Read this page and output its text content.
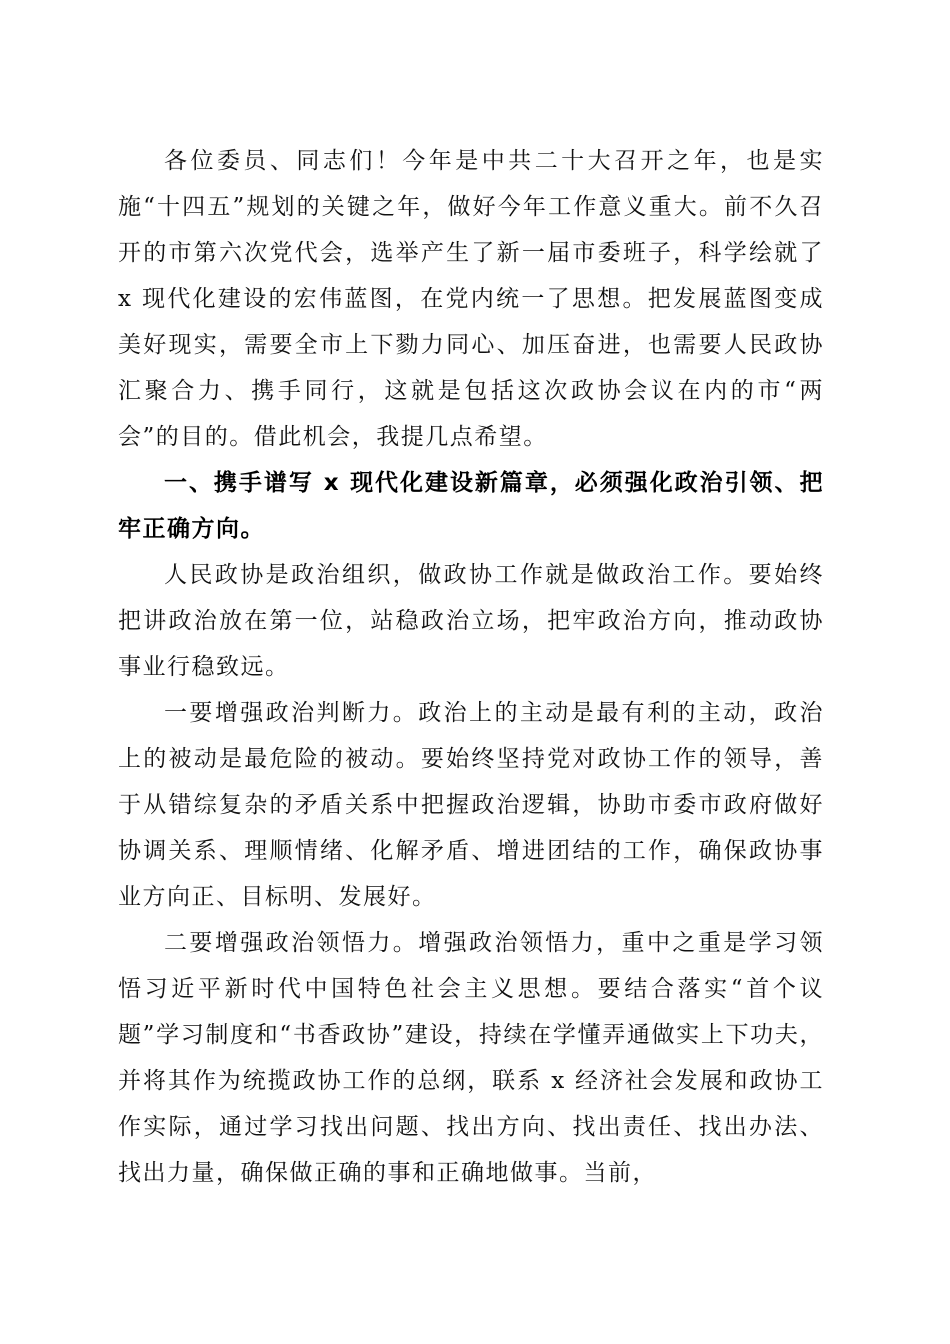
各位委员、同志们！今年是中共二十大召开之年，也是实施“十四五”规划的关键之年，做好今年工作意义重大。前不久召开的市第六次党代会，选举产生了新一届市委班子，科学绘就了 x 现代化建设的宏伟蓝图，在党内统一了思想。把发展蓝图变成美好现实，需要全市上下勠力同心、加压奋进，也需要人民政协汇聚合力、携手同行，这就是包括这次政协会议在内的市“两会”的目的。借此机会，我提几点希望。

一、携手谱写 x 现代化建设新篇章，必须强化政治引领、把牢正确方向。

人民政协是政治组织，做政协工作就是做政治工作。要始终把讲政治放在第一位，站稳政治立场，把牢政治方向，推动政协事业行稳致远。

一要增强政治判断力。政治上的主动是最有利的主动，政治上的被动是最危险的被动。要始终坚持党对政协工作的领导，善于从错综复杂的矛盾关系中把握政治逻辑，协助市委市政府做好协调关系、理顺情绪、化解矛盾、增进团结的工作，确保政协事业方向正、目标明、发展好。

二要增强政治领悟力。增强政治领悟力，重中之重是学习领悟习近平新时代中国特色社会主义思想。要结合落实“首个议题”学习制度和“书香政协”建设，持续在学懂弄通做实上下功夫，并将其作为统揽政协工作的总纲，联系 x 经济社会发展和政协工作实际，通过学习找出问题、找出方向、找出责任、找出办法、找出力量，确保做正确的事和正确地做事。当前，
